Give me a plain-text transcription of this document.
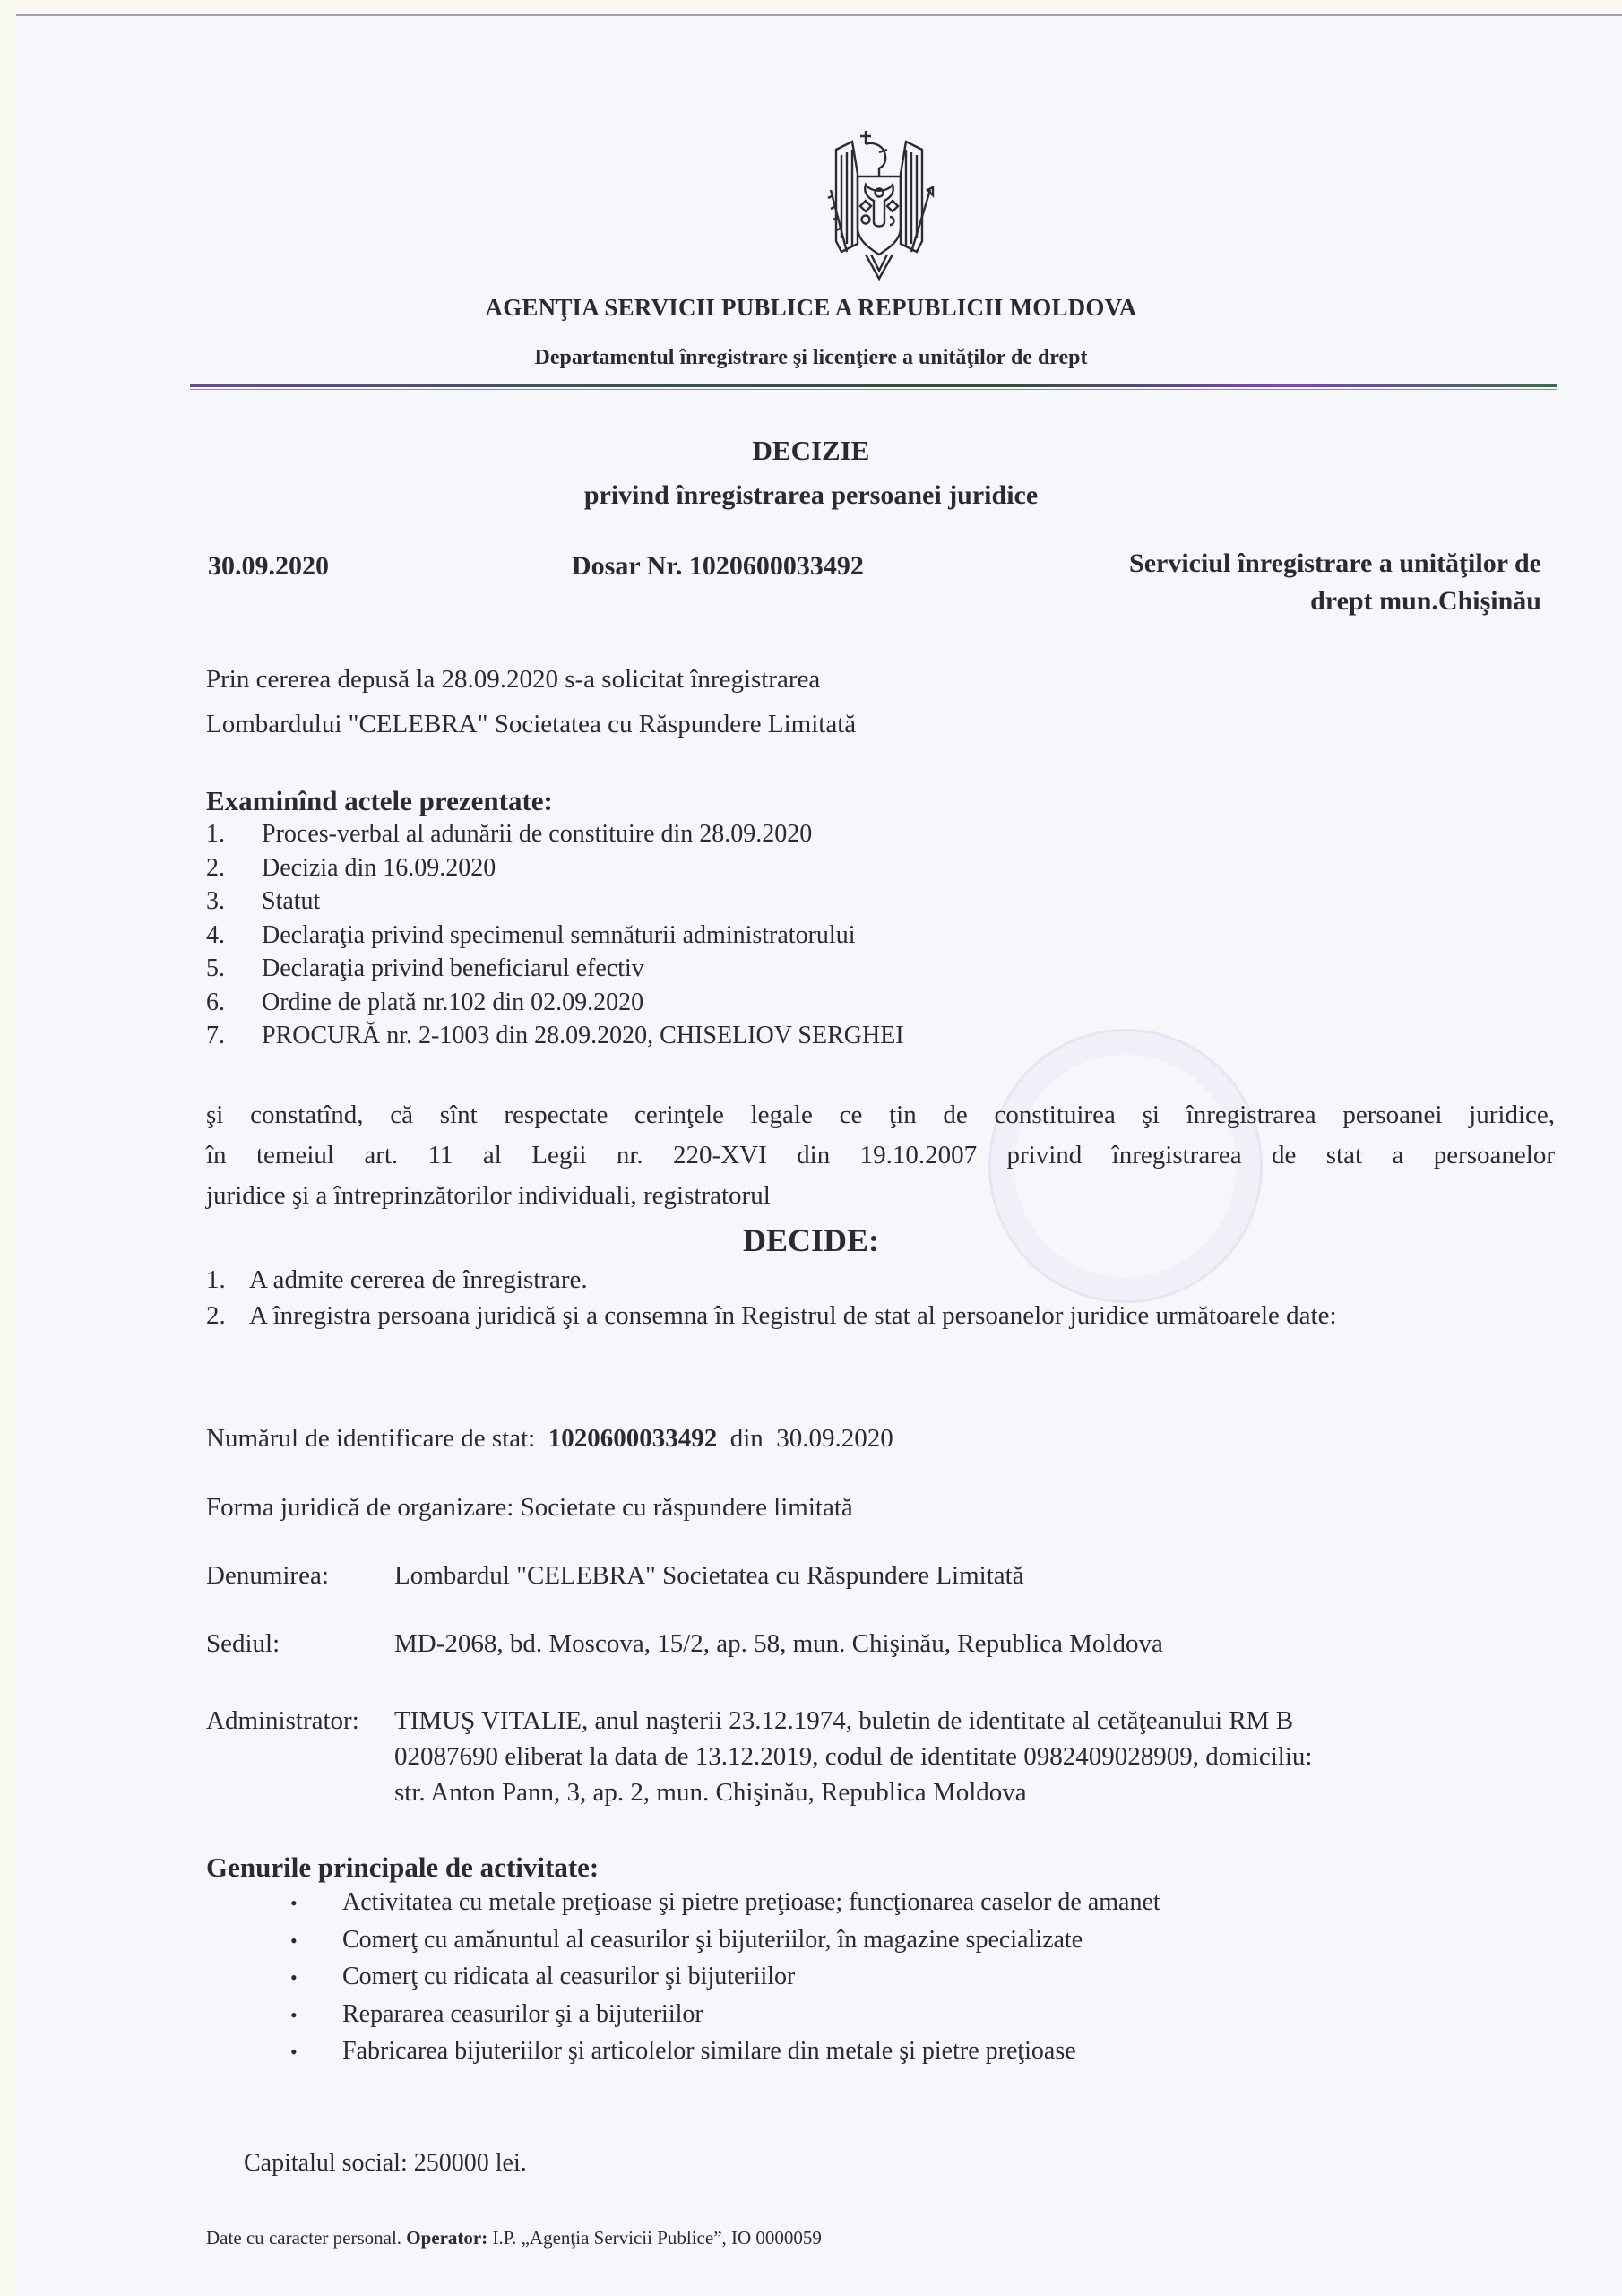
AGENŢIA SERVICII PUBLICE A REPUBLICII MOLDOVA
Departamentul înregistrare şi licenţiere a unităţilor de drept
DECIZIE
privind înregistrarea persoanei juridice
30.09.2020	Dosar Nr. 1020600033492	Serviciul înregistrare a unităţilor de
drept mun.Chişinău
Prin cererea depusă la 28.09.2020 s-a solicitat înregistrarea
Lombardului "CELEBRA" Societatea cu Răspundere Limitată
Examinînd actele prezentate:
1.	Proces-verbal al adunării de constituire din 28.09.2020
2.	Decizia din 16.09.2020
3.	Statut
4.	Declaraţia privind specimenul semnăturii administratorului
5.	Declaraţia privind beneficiarul efectiv
6.	Ordine de plată nr.102 din 02.09.2020
7.	PROCURĂ nr. 2-1003 din 28.09.2020, CHISELIOV SERGHEI
şi constatînd, că sînt respectate cerinţele legale ce ţin de constituirea şi înregistrarea persoanei juridice,
în temeiul art. 11 al Legii nr. 220-XVI din 19.10.2007 privind înregistrarea de stat a persoanelor
juridice şi a întreprinzătorilor individuali, registratorul
DECIDE:
1. A admite cererea de înregistrare.
2. A înregistra persoana juridică şi a consemna în Registrul de stat al persoanelor juridice următoarele date:
Numărul de identificare de stat: 1020600033492 din 30.09.2020
Forma juridică de organizare: Societate cu răspundere limitată
Denumirea:	Lombardul "CELEBRA" Societatea cu Răspundere Limitată
Sediul:	MD-2068, bd. Moscova, 15/2, ap. 58, mun. Chişinău, Republica Moldova
Administrator: TIMUŞ VITALIE, anul naşterii 23.12.1974, buletin de identitate al cetăţeanului RM B
02087690 eliberat la data de 13.12.2019, codul de identitate 0982409028909, domiciliu:
str. Anton Pann, 3, ap. 2, mun. Chişinău, Republica Moldova
Genurile principale de activitate:
•	Activitatea cu metale preţioase şi pietre preţioase; funcţionarea caselor de amanet
•	Comerţ cu amănuntul al ceasurilor şi bijuteriilor, în magazine specializate
•	Comerţ cu ridicata al ceasurilor şi bijuteriilor
•	Repararea ceasurilor şi a bijuteriilor
•	Fabricarea bijuteriilor şi articolelor similare din metale şi pietre preţioase
Capitalul social: 250000 lei.
Date cu caracter personal. Operator: I.P. „Agenţia Servicii Publice”, IO 0000059
